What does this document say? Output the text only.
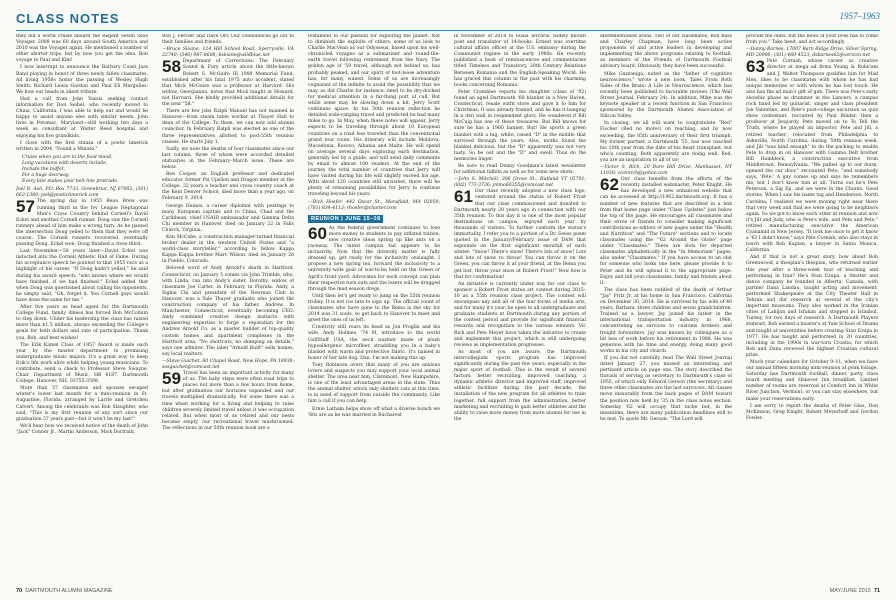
CLASS NOTES	1957–1963

they did a world cruise aboard the Regent Seven Seas Voyager. 2008 was 60 days around South America and 2010 was the Voyager again. He mentioned a number of other shorter trips, but by now you get the idea. Bon voyage to Paul and Kim!

I now interrupt to announce the Barbary Coast Jazz Band playing in honor of three newly fallen classmates. All living 1956s honor the passing of Wesley Hugh Smith, Richard Lewis Gordon and Paul Eli Margulies. We bow our heads in silent tribute.

Had a call from John Vassis seeking contact information for Don Seibel, who recently moved to China, California. I was able to help out and would be happy to assist anyone else with similar needs. John lives in Potomac, Maryland—still working two days a week as consultant at Walter Reed hospital and enjoying his five grandkids.

I close with the first stanza of a poetic limerick written in 2004, "Found a Minute."

Cruise when you are in the food mood,
Long vacations with deserts include,
Include the buffet,
For a huge doorway,
Every bite makes your belt-line protrude.
Joel D. Ash, P.O. Box 7733, Greenbriar, NJ 07002; (301) 663-1380; joel@poeticlimerick.com

57 The spring day in 1955 Beau Brew was running third in the Ivy League Heptagonal Men's Cross Country behind Cornell's David Eckel and another Cornell runner. Doug saw the Cornell runners ahead of him make a wrong turn. As he passed the intersection Doug yelled to them that they were off course. The Cornell runners recovered, eventually passing Doug. Eckel won; Doug finished a close third.

Last November—50 years later—David Eckel was inducted into the Cornell Athletic Hall of Fame. During his acceptance speech he pointed to that 1955 race as a highlight of his career. "If Doug hadn't yelled," he said during his award speech, "who knows where we would have finished, if we had finished." Eckel added that when Doug was questioned about calling his opponents, he simply said, "Oh, forget it. You Cornell guys would have done the same for me."

After five years as head agent for the Dartmouth College Fund, family illness has forced Bob McCollum to step down. Under his leadership the class has raised more than $1.5 million, always exceeding the College's goals for both dollars and rate of participation. Thank you, Bob, and best wishes!

The Erik Kamel Class of 1957 Award is made each year by the master department to promising undergraduate music majors. It's a great way to keep Erik's life work alive while helping young musicians. To contribute, send a check to Professor Steve Swayne, Chair, Department of Music, HB 6187, Dartmouth College, Hanover, NH, 03755-3599.

More than 57 classmates and spouses escaped winter's lower last month for a mini-reunion in St. Augustine, Florida, arranged by Larrie and Gretchen Calvert. Among the celebrants was Bob Slaughter, who said, "This is my first reunion of any sort since our graduation 57 years past—but it won't be my last!"

We'll hear how we received notice of the death of John "Jack" Conner Jr., Martin Anderson, Mick Dorfrath,

Bob J. Fercier and Dave Orr. Our condolences go out to their families and friends.

—Bruce Sloane, 124 Hill School Road, Sperryville, VA 22740; (540) 987-8608; bsloane@wildblue.net

58 Department of Corrections: The February Sound & Fury article about the little-known Robert G. McGuire III 1988 Memorial Fund, established after his fatal 1975 auto accident, stated that Mick McGuire was a professor at Harvard. His widow, Georgianna, notes that Mick taught at Howard, not Harvard. She kindly provided additional details for the next "58."

There are few jobs Ralph Manuel has not manned in Hanover—from steam table worker at Thayer Hall to dean of the College. To them, we can now add alumni councilor. In February Ralph was elected as one of the three representatives allotted to post-55th reunion classes. He starts July 1.

Sadly, we note the deaths of four classmates since our last column, three of whom were accorded detailed obituaries in the February–March issue. These are below.

Ben Cooper, an English professor and dedicated educator, former Psi Upsilon and Dragon member at the College, 32 years a teacher and cross country coach at the Kent Denver School, died more than a year ago, on February 9, 2014.

George Haines, a career diplomat with postings to many European capitals and to China, Chad and the Caribbean, chief USAID ambassador and Gamma Delta Chi member in Hanover, died on January 22 in Falls Church, Virginia.

Ken McCabe, a construction manager-turned financial broker dealer in the western United States and "a world-class storyteller," according to fellow Kappa Kappa Kappa brother Marv Wilson, died on January 26 in Pueblo, Colorado.

Beloved word of Andy Arnold's death in Hartford, Connecticut, on January 5 comes via John Trimble, who, with Linda, ran into Andy's sister, Dorothy, widow of classmate Joe Carter, in February in Florida. Andy, a Sigma Chi and president of the Newman Club in Hanover, was a Yale Thayer graduate who joined the construction company of his father, Andrew. In Manchester, Connecticut, eventually becoming CEO. Andy combined creative design instincts with engineering expertise to forge a reputation for the Andrew Arnold Co. as a master builder of top-quality custom homes and apartment complexes in the Hartford area. "No shortcuts, no skimping on details," says one admirer. The label "Arnold Built" sells homes, say local realtors.

—Steve Guichet, 60 Chapel Road, New Hope, PA 18938; sosguichet@comcast.net

59 Travel has been an important activity for many of us. The baby steps were often road trips to places not more than a few hours from home, but after graduation our horizons expanded and our travels multiplied dramatically. For some there was a time when working for a living and helping to raise children severely limited travel unless it was occupation related. But when most of us retired and our nests became empty, our recreational travel mushroomed. The reflections in our 50th reunion book are a

testament to our passion for exploring the planet. Not to diminish the exploits of others, some of us look to Charlie MacVean as our Odysseus, based upon his well-chronicled voyages as a submariner and round-the-earth travel following retirement from the Navy. The golden age of '59 travel, although not behind us, has probably peaked, and our spirit of foot-loose adventure has, for many, waned. Some of us are increasingly cognizant of the infinite to avoid the possibility that we may, as did Charlie for instance, need to be dry-docked for medical attention in a far-flung port of call. But while some may be slowing down a bit, Jerry Scott continues apace. In his 50th reunion reflection he detailed wide-ranging travel and predicted he had many miles to go. In May, when these notes will appear, Jerry expects to be traveling through about 10 European countries on a road less traveled than the conventional grand tour route. His itinerary will include Moldova, Macedonia, Kosovo, Albania and Malta. He will spend on average several days exploring each destination, generally led by a guide, and will send daily comments by email to almost 100 readers. At the end of the journey the total number of countries that Jerry will have visited during his life will slightly exceed his age. With about 120 countries still unvisited, there will be plenty of remaining possibilities for Jerry to continue traveling beyond his years.

—Dick Hoefer, 442 Oscar St., Mansfield, MA 02050; (781) 834-4113; rhoefer@charter.com
REUNION | JUNE 15–18

60 As the federal government continues to lose more money to students to pay inflated tuition, new creative ideas spring up like ants on a raceway. The latest campus fad appears to be inclusivity. Now that the diversity matter is fully dressed up, get ready for the inclusivity onslaught. I propose a new spring tea, forward the inclusivity to a university-wide goal of war-to-be held on the Green or April's front yard. Advocates for each concept can plan their respective turn-outs and the losers will be dragged through the mud season dregs.

Until then let's get ready to jump on the 55th reunion trolley. It is not too late to sign up. The official count of classmates who have gone to the Bema is the sky for 2014 was 31 souls, so get back to Hanover to meet and greet the ones of us left.

Creativity still roars its head as Jon Proglin and his wife, Andy Holmes, '74 M, introduce to the world GolfStuff USA, the neck warmer made of plush hypoallergenic microfiber, straddling you in a baby's blanket with warm and protective fabric. It's named in honor of her late dog, Dan. I'm not making this up.

Tony Robinson avers that many of you are anxious lovers and suspects you may support your local animal shelter. The area near him, Claremont, New Hampshire, is one of the least advantaged areas in the state. Thus the animal shelter, which only shelters cats at this time, is in need of support from outside the community. Like him a call if you can help.

Ernie Latham helps show off what a diverse bunch we '60s are as he was married in Bucharest

in November of 2014 to Ioana Iercoris, widely known poet and translator of 14-books. Ernest was overtime cultural affairs officer at the U.S. embassy during the Communist regime in the early 1980s. He recently published a book of reminiscences and commentaries titled Timeless and Transitory, 20th Century Relations Between Romania and the English-Speaking World. He has graced this column in the past with his charming books concerning Romania.

Peter Cramblee reports his daughter (class of '92) found an aged Dartmouth '60 blanket in a New Haven, Connecticut, resale outfit store and gave it to him for Christmas. It was already framed, and he has it hanging in a den wall in resplendent glory. He wondered if Bill McCaig has one of these treasures. But Bill knows for sure he has a 1960 banner. But! He sports a green blanket with a big, white, raised "D" in the middle that survived through the years. Also, moths found the blanket delicious, but the "D" apparently was not very tasty. So be out and the "D" and swell. Thus do the memories linger.

Be sure to read Denny Goodman's latest newsletter for additional tidbits as well as for some new shots.

—John S. Mitchell, 306 Grove St., Rutland VT 05701; (802) 773-3736; jmmo60355@comcast.net

61 Our class recently adopted a new class logo, centered around the statue of Robert Frost that our class commissioned and donated to Dartmouth nearly 20 years ago in connection with our 35th reunion. To this day it is one of the most popular destinations on campus, enjoyed each year by thousands of visitors. To further conform the statue's immortality, I refer you to a portion of a Dr. Seuss poem quoted in the January/February issue of DAM that expounds on the first significant snowfall of each winter: "Snow! There's snow! There's lots of snow! Lots and lots of snow to throw! You can throw it on the Green, you can throw it at your friend, at the Bema you get lost, throw your snow at Robert Frost!" Now how is that for confirmation!

An initiative is currently under way for our class to sponsor a Robert Frost statue art contest during 2015–16 as a 55th reunion class project. The contest will encompass any and all of the four forms of media arts, and for many it's year, be open to all undergraduate and graduate students at Dartmouth during any portion of the contest period and provide for significant financial rewards and recognition to the various winners. Vic Rich and Pete Meyer have taken the initiative to create and implement this project, which is still undergoing reviews as implementation progresses.

As most of you are aware, the Dartmouth intercollegiate sports program has improved significantly during the past few years, especially in the major sport of football. This is the result of several factors: better recruiting, improved coaching, a dynamic athletic director and improved staff, improved athletic facilities during the past decade, the installation of the new program for all athletes to train together, full support from the administration, better marketing and recruiting to gain better athletes and the ability to raise more money from more alumni for use in the

aforementioned areas. Two of our classmates, Ron Bass and Charley Chapman, have long been active proponents of and active leaders in developing and implementing the above programs relating to football, as members of the Friends of Dartmouth Football advisory board. Obviously, they have been successful.

Mike Gazzaniga, noted as the "father of cognitive neuroscience," wrote a new book, Tales From Both Sides of the Brain: A Life in Neuroscience, which has recently been published to favorable reviews (The Wall Street Journal, February 24). In addition, Mike was the keynote speaker at a recent function in San Francisco sponsored by the Dartmouth Alumni Association of Silicon Valley.

In closing, we all will want to congratulate "Red" Fischer (Red no more!) on reaching, and by now exceeding, the 85th anniversary of their first triumph. My former partner, a Dartmouth '55, has now reached his 10th year from the date of his heart transplant, but who's counting. Both apparently are doing well. Red, you are an inspiration to all of us!

—Victor S. Rich, 20 Dore Hill Drive, Manhasset, NY 11030; victorich@yahoo.com

62 Our class benefits from the efforts of the recently installed webmaster, Peter Knight. He has developed a new enhanced website that can be accessed at http://1962.dartmouth.org. It has a number of new features that are described in a link from that home page under "Class Updates" just below the top of the page. He encourages all classmates and their wives or friends to consider making significant contributions as editors of new pages under the "Health and Nutrition" and "The Future" sections and to locate classmates using the "'62 Around the Globe" page under "Classmates." There are slots for departed classmates alphabetically in the "In Memoriam" pages, also under "Classmates." If you have access to an obit for someone who looks one here, please provide it to Peter and he will upload it to the appropriate page. Enjoy and tell your classmates, family and friends about it.

The class has been notified of the death of Arthur "Jay" Fritz Jr. at his home in San Francisco, California on December 30, 2014. He is survived by his wife of 46 years, Barbara, three children and seven grandchildren. Trained as a lawyer, Jay joined his father in the international transportation industry in 1966, concentrating on services to customs brokers and freight forwarders. Jay was known by colleagues as a bit less of work before his retirement in 1988. He was generous with his time and energy, doing many good works in his city and church.

If you did not carefully read The Wall Street Journal dated January 27, you missed an interesting and pertinent article on page one. The story described the travails of serving as secretary to Dartmouth's class of 1955, of which only Edward Gerson (the secretary) and three other classmates are the last survivors. All classes move inexorably from the back pages of DAM toward the position now held by '35 in the class notes section. Someday '62 will occupy that niche but, in the meantime, there are many publication deadlines still to be met. To quote Mr. Gerson: "The Lord will

provide the obits, but the news of your lives has to come from you." Take heed, and act accordingly.

—Danny Barnes, 17007 Barn Ridge Drive, Silver Spring, MD 20906; (301) 460-4523; dsbarnes62@verizon.net

63 Pete Cornish, whose career as creative director at mega ad firms Young & Rubicam and J. Walter Thompson qualifies him for Mad Men, likes to be classmates with whom he has had unique memories or with whom he has lost touch. He also has the ad man's gift of gab. There was Pete's early showbiz phase as drummer in the Lancers, a campus rock band led by guitarist, singer and class president Jon Valentine, and Pete's post-college excursion as quiz show contestant, recruited by Paul Binder, then a producer at Jeopardy. Pete moved on to To Tell the Truth, where he played an impostor. Pete and Jill, a retired teacher, relocated from Philadelphia to Asheville, North Carolina, during '59th reunion week, and Jill "was kind enough" to do the packing to enable Pete to drop in on Hanover with Gamma Delt brother Bill Hambleck, a construction executive from Middletown, Pennsylvania. "We pulled up to our dorm, opened the car door," recounted Pete, "and somebody says, 'Pete.' A guy comes up and says he remembers me, but I don't know him at all. Turns out he's Pete Peterson, a Sig Ep, and we were in the Chords. Good storms. When I saw his name tag and Henderson, North Carolina, I realized we were moving right near there that very week and that we were going to be neighbors again. So we got to know each other at reunion and now it's Jill and Judy, who is Pete's wife, and Pete and Pete," retired manufacturing executive the American Cyanamid in New Jersey. "It took me once to get it know a '63 I didn't know," says Pete Cornish, who also stays in touch with Bob Kaplan, a lawyer in Santa Monica, California.

And if that is not a great story, how about Bob Greenwood, a thespian's thespian, who returned earlier this year after a three-week tour of teaching and performing in Iran? He's Stan Ezupa, a theater and dance company he founded in Alberta, Canada, with partner Dana Landau, taught acting and movement, performed Shakespeare at the City Theater Hall in Tehran and did research at several of the city's important museums. They also worked in the Iranian cities of Lahijan and Isfahan and stopped in Istanbul, Turkey, for two days of research. A Dartmouth Players stalwart, Bob earned a master's at Yale School of Drama and taught at universities before creating Stan Ezupa in 1977. He has taught and performed in 20 countries, including in the 1990s in war-torn Croatia, for which Bob and Dana received the highest Croatian cultural prize.

Much your calendars for October 9–11, when we have our annual fifteen morning mini-reunion at peak foliage. Saturday has Dartmouth football, dinner, party, class board meeting and Hanover Inn breakfast. Limited number of rooms are reserved at Comfort Inn in White River Junction, Vermont, or you can stay elsewhere, but make your reservations early.

I am sorry to report the deaths of Peter Gins, Don McKinnon, Greg Knight, Robert Meyerhoff and Gordon Fowler.

70 DARTMOUTH ALUMNI MAGAZINE	MAY/JUNE 2015 71
